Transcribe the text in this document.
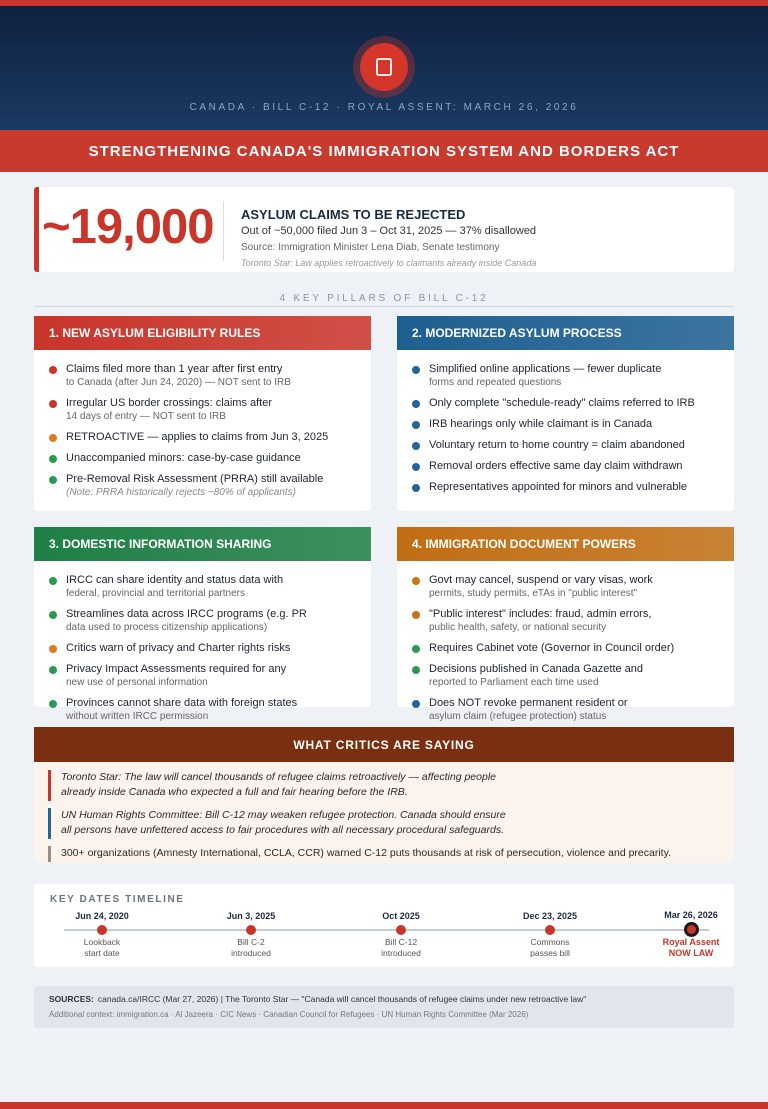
CANADA · BILL C-12 · ROYAL ASSENT: MARCH 26, 2026
STRENGTHENING CANADA'S IMMIGRATION SYSTEM AND BORDERS ACT
~19,000 ASYLUM CLAIMS TO BE REJECTED
Out of ~50,000 filed Jun 3 – Oct 31, 2025 — 37% disallowed
Source: Immigration Minister Lena Diab, Senate testimony
Toronto Star: Law applies retroactively to claimants already inside Canada
4 KEY PILLARS OF BILL C-12
1. NEW ASYLUM ELIGIBILITY RULES
Claims filed more than 1 year after first entry
to Canada (after Jun 24, 2020) — NOT sent to IRB
Irregular US border crossings: claims after
14 days of entry — NOT sent to IRB
RETROACTIVE — applies to claims from Jun 3, 2025
Unaccompanied minors: case-by-case guidance
Pre-Removal Risk Assessment (PRRA) still available
(Note: PRRA historically rejects ~80% of applicants)
2. MODERNIZED ASYLUM PROCESS
Simplified online applications — fewer duplicate
forms and repeated questions
Only complete "schedule-ready" claims referred to IRB
IRB hearings only while claimant is in Canada
Voluntary return to home country = claim abandoned
Removal orders effective same day claim withdrawn
Representatives appointed for minors and vulnerable
3. DOMESTIC INFORMATION SHARING
IRCC can share identity and status data with
federal, provincial and territorial partners
Streamlines data across IRCC programs (e.g. PR
data used to process citizenship applications)
Critics warn of privacy and Charter rights risks
Privacy Impact Assessments required for any
new use of personal information
Provinces cannot share data with foreign states
without written IRCC permission
4. IMMIGRATION DOCUMENT POWERS
Govt may cancel, suspend or vary visas, work
permits, study permits, eTAs in "public interest"
"Public interest" includes: fraud, admin errors,
public health, safety, or national security
Requires Cabinet vote (Governor in Council order)
Decisions published in Canada Gazette and
reported to Parliament each time used
Does NOT revoke permanent resident or
asylum claim (refugee protection) status
WHAT CRITICS ARE SAYING
Toronto Star: The law will cancel thousands of refugee claims retroactively — affecting people
already inside Canada who expected a full and fair hearing before the IRB.
UN Human Rights Committee: Bill C-12 may weaken refugee protection. Canada should ensure
all persons have unfettered access to fair procedures with all necessary procedural safeguards.
300+ organizations (Amnesty International, CCLA, CCR) warned C-12 puts thousands at risk of persecution, violence and precarity.
KEY DATES TIMELINE
Jun 24, 2020
Lookback
start date
Jun 3, 2025
Bill C-2
introduced
Oct 2025
Bill C-12
introduced
Dec 23, 2025
Commons
passes bill
Mar 26, 2026
Royal Assent
NOW LAW
SOURCES: canada.ca/IRCC (Mar 27, 2026) | The Toronto Star — "Canada will cancel thousands of refugee claims under new retroactive law"
Additional context: immigration.ca · Al Jazeera · CIC News · Canadian Council for Refugees · UN Human Rights Committee (Mar 2026)
